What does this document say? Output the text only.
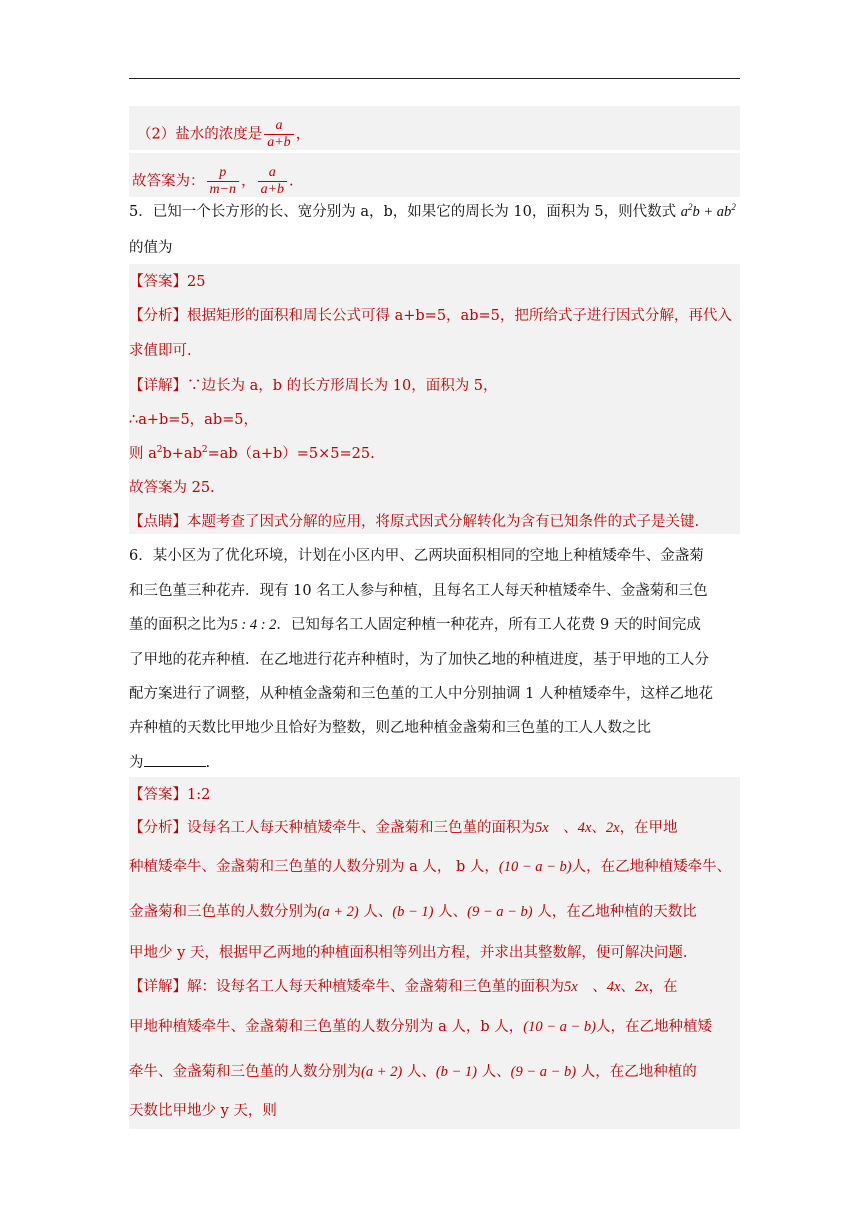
（2）盐水的浓度是 $\frac{a}{a+b}$ ，
故答案为： $\frac{p}{m-n}$ ， $\frac{a}{a+b}$ .
5．已知一个长方形的长、宽分别为 a，b，如果它的周长为 10，面积为 5，则代数式 $a^2b + ab^2$
的值为
【答案】25
【分析】根据矩形的面积和周长公式可得 a+b=5，ab=5，把所给式子进行因式分解，再代入
求值即可.
【详解】∵边长为 a，b 的长方形周长为 10，面积为 5，
∴a+b=5，ab=5，
则 $a^2b+ab^2=ab(a+b)=5\times 5=25$.
故答案为 25.
【点睛】本题考查了因式分解的应用，将原式因式分解转化为含有已知条件的式子是关键.
6．某小区为了优化环境，计划在小区内甲、乙两块面积相同的空地上种植矮牵牛、金盏菊
和三色堇三种花卉．现有 10 名工人参与种植，且每名工人每天种植矮牵牛、金盏菊和三色
堇的面积之比为5 : 4 : 2．已知每名工人固定种植一种花卉，所有工人花费 9 天的时间完成
了甲地的花卉种植．在乙地进行花卉种植时，为了加快乙地的种植进度，基于甲地的工人分
配方案进行了调整，从种植金盏菊和三色堇的工人中分别抽调 1 人种植矮牵牛，这样乙地花
卉种植的天数比甲地少且恰好为整数，则乙地种植金盏菊和三色堇的工人人数之比
为	.
【答案】1:2
【分析】设每名工人每天种植矮牵牛、金盏菊和三色堇的面积为5x　 、4x、2x，在甲地
种植矮牵牛、金盏菊和三色堇的人数分别为 a 人， b 人，(10 − a − b)人，在乙地种植矮牵牛、
金盏菊和三色革的人数分别为(a + 2) 人、(b − 1) 人、(9 − a − b) 人，在乙地种植的天数比
甲地少 y 天，根据甲乙两地的种植面积相等列出方程，并求出其整数解，便可解决问题.
【详解】解：设每名工人每天种植矮牵牛、金盏菊和三色堇的面积为5x　 、4x、2x，在
甲地种植矮牵牛、金盏菊和三色堇的人数分别为 a 人，b 人，(10 − a − b)人，在乙地种植矮
牵牛、金盏菊和三色堇的人数分别为(a + 2) 人、(b − 1) 人、(9 − a − b) 人，在乙地种植的
天数比甲地少 y 天，则
